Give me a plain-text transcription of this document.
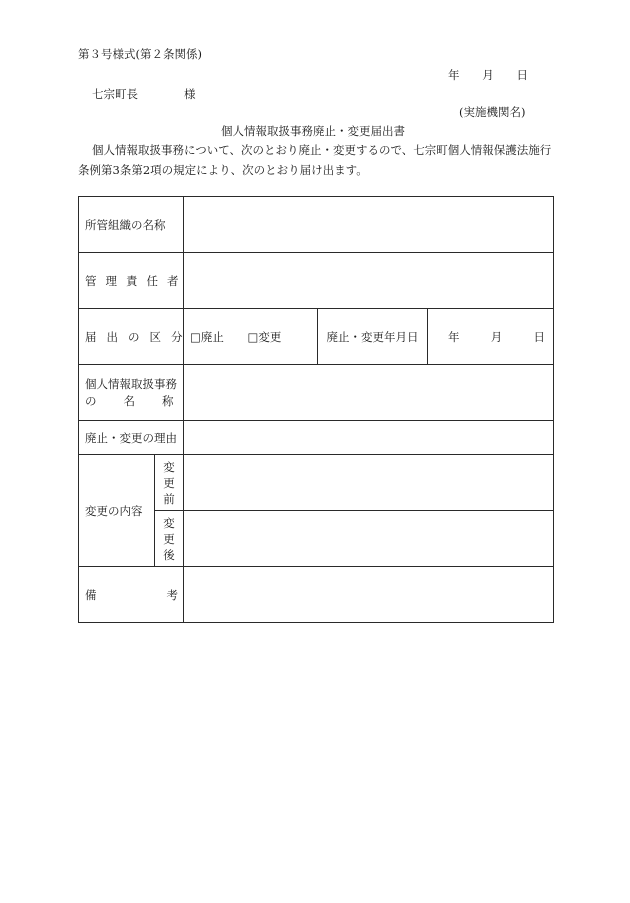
第３号様式(第２条関係)
年 月 日
七宗町長	様
(実施機関名)
個人情報取扱事務廃止・変更届出書
個人情報取扱事務について、次のとおり廃止・変更するので、七宗町個人情報保護法施行
条例第3条第2項の規定により、次のとおり届け出ます。
所管組織の名称				

管理責任者				

届出の区分		□廃止 □変更	廃止・変更年月日	年 月 日

個人情報取扱事務
の名称				

廃止・変更の理由				
変更の内容	変
更
前			

	変
更
後			

備考				
